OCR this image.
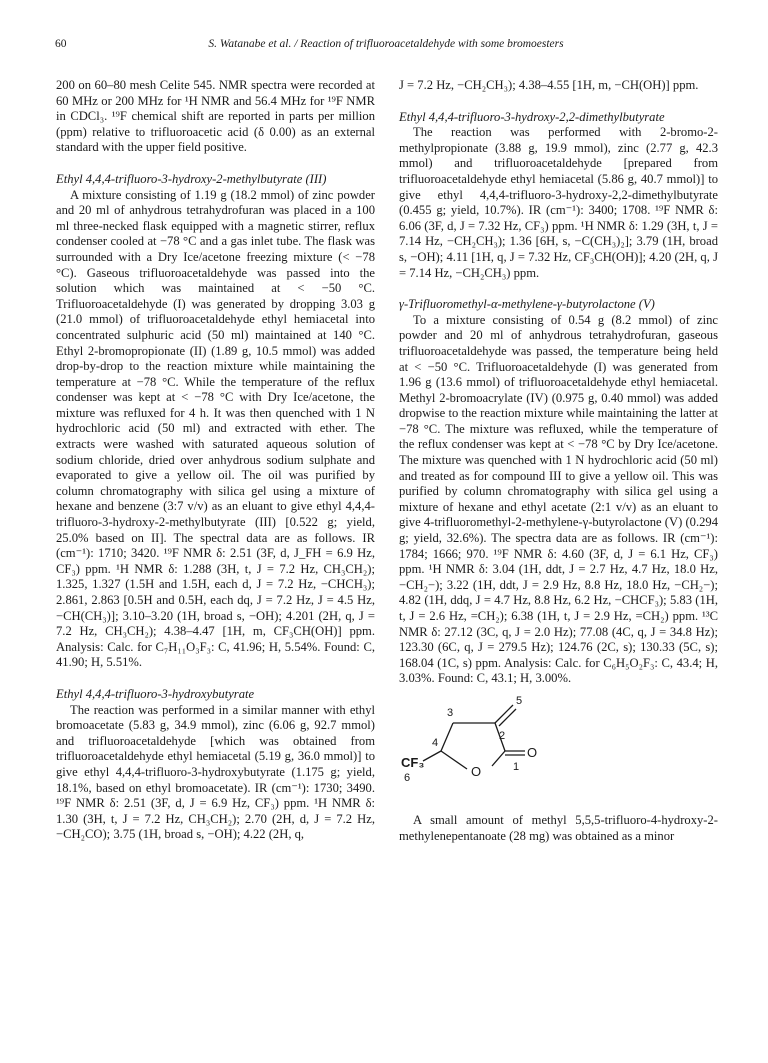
60	S. Watanabe et al. / Reaction of trifluoroacetaldehyde with some bromoesters

200 on 60–80 mesh Celite 545. NMR spectra were recorded at 60 MHz or 200 MHz for ¹H NMR and 56.4 MHz for ¹⁹F NMR in CDCl₃. ¹⁹F chemical shift are reported in parts per million (ppm) relative to trifluoroacetic acid (δ 0.00) as an external standard with the upper field positive.

Ethyl 4,4,4-trifluoro-3-hydroxy-2-methylbutyrate (III)

A mixture consisting of 1.19 g (18.2 mmol) of zinc powder and 20 ml of anhydrous tetrahydrofuran was placed in a 100 ml three-necked flask equipped with a magnetic stirrer, reflux condenser cooled at −78 °C and a gas inlet tube. The flask was surrounded with a Dry Ice/acetone freezing mixture (< −78 °C). Gaseous trifluoroacetaldehyde was passed into the solution which was maintained at < −50 °C. Trifluoroacetaldehyde (I) was generated by dropping 3.03 g (21.0 mmol) of trifluoroacetaldehyde ethyl hemiacetal into concentrated sulphuric acid (50 ml) maintained at 140 °C. Ethyl 2-bromopropionate (II) (1.89 g, 10.5 mmol) was added drop-by-drop to the reaction mixture while maintaining the temperature at −78 °C. While the temperature of the reflux condenser was kept at < −78 °C with Dry Ice/acetone, the mixture was refluxed for 4 h. It was then quenched with 1 N hydrochloric acid (50 ml) and extracted with ether. The extracts were washed with saturated aqueous solution of sodium chloride, dried over anhydrous sodium sulphate and evaporated to give a yellow oil. The oil was purified by column chromatography with silica gel using a mixture of hexane and benzene (3:7 v/v) as an eluant to give ethyl 4,4,4-trifluoro-3-hydroxy-2-methylbutyrate (III) [0.522 g; yield, 25.0% based on II]. The spectral data are as follows. IR (cm⁻¹): 1710; 3420. ¹⁹F NMR δ: 2.51 (3F, d, J_FH = 6.9 Hz, CF₃) ppm. ¹H NMR δ: 1.288 (3H, t, J = 7.2 Hz, CH₃CH₂); 1.325, 1.327 (1.5H and 1.5H, each d, J = 7.2 Hz, −CHCH₃); 2.861, 2.863 [0.5H and 0.5H, each dq, J = 7.2 Hz, J = 4.5 Hz, −CH(CH₃)]; 3.10–3.20 (1H, broad s, −OH); 4.201 (2H, q, J = 7.2 Hz, CH₃CH₂); 4.38–4.47 [1H, m, CF₃CH(OH)] ppm. Analysis: Calc. for C₇H₁₁O₃F₃: C, 41.96; H, 5.54%. Found: C, 41.90; H, 5.51%.

Ethyl 4,4,4-trifluoro-3-hydroxybutyrate

The reaction was performed in a similar manner with ethyl bromoacetate (5.83 g, 34.9 mmol), zinc (6.06 g, 92.7 mmol) and trifluoroacetaldehyde [which was obtained from trifluoroacetaldehyde ethyl hemiacetal (5.19 g, 36.0 mmol)] to give ethyl 4,4,4-trifluoro-3-hydroxybutyrate (1.175 g; yield, 18.1%, based on ethyl bromoacetate). IR (cm⁻¹): 1730; 3490. ¹⁹F NMR δ: 2.51 (3F, d, J = 6.9 Hz, CF₃) ppm. ¹H NMR δ: 1.30 (3H, t, J = 7.2 Hz, CH₃CH₂); 2.70 (2H, d, J = 7.2 Hz, −CH₂CO); 3.75 (1H, broad s, −OH); 4.22 (2H, q,

J = 7.2 Hz, −CH₂CH₃); 4.38–4.55 [1H, m, −CH(OH)] ppm.

Ethyl 4,4,4-trifluoro-3-hydroxy-2,2-dimethylbutyrate

The reaction was performed with 2-bromo-2-methylpropionate (3.88 g, 19.9 mmol), zinc (2.77 g, 42.3 mmol) and trifluoroacetaldehyde [prepared from trifluoroacetaldehyde ethyl hemiacetal (5.86 g, 40.7 mmol)] to give ethyl 4,4,4-trifluoro-3-hydroxy-2,2-dimethylbutyrate (0.455 g; yield, 10.7%). IR (cm⁻¹): 3400; 1708. ¹⁹F NMR δ: 6.06 (3F, d, J = 7.32 Hz, CF₃) ppm. ¹H NMR δ: 1.29 (3H, t, J = 7.14 Hz, −CH₂CH₃); 1.36 [6H, s, −C(CH₃)₂]; 3.79 (1H, broad s, −OH); 4.11 [1H, q, J = 7.32 Hz, CF₃CH(OH)]; 4.20 (2H, q, J = 7.14 Hz, −CH₂CH₃) ppm.

γ-Trifluoromethyl-α-methylene-γ-butyrolactone (V)

To a mixture consisting of 0.54 g (8.2 mmol) of zinc powder and 20 ml of anhydrous tetrahydrofuran, gaseous trifluoroacetaldehyde was passed, the temperature being held at < −50 °C. Trifluoroacetaldehyde (I) was generated from 1.96 g (13.6 mmol) of trifluoroacetaldehyde ethyl hemiacetal. Methyl 2-bromoacrylate (IV) (0.975 g, 0.40 mmol) was added dropwise to the reaction mixture while maintaining the latter at −78 °C. The mixture was refluxed, while the temperature of the reflux condenser was kept at < −78 °C by Dry Ice/acetone. The mixture was quenched with 1 N hydrochloric acid (50 ml) and treated as for compound III to give a yellow oil. This was purified by column chromatography with silica gel using a mixture of hexane and ethyl acetate (2:1 v/v) as an eluant to give 4-trifluoromethyl-2-methylene-γ-butyrolactone (V) (0.294 g; yield, 32.6%). The spectra data are as follows. IR (cm⁻¹): 1784; 1666; 970. ¹⁹F NMR δ: 4.60 (3F, d, J = 6.1 Hz, CF₃) ppm. ¹H NMR δ: 3.04 (1H, ddt, J = 2.7 Hz, 4.7 Hz, 18.0 Hz, −CH₂−); 3.22 (1H, ddt, J = 2.9 Hz, 8.8 Hz, 18.0 Hz, −CH₂−); 4.82 (1H, ddq, J = 4.7 Hz, 8.8 Hz, 6.2 Hz, −CHCF₃); 5.83 (1H, t, J = 2.6 Hz, =CH₂); 6.38 (1H, t, J = 2.9 Hz, =CH₂) ppm. ¹³C NMR δ: 27.12 (3C, q, J = 2.0 Hz); 77.08 (4C, q, J = 34.8 Hz); 123.30 (6C, q, J = 279.5 Hz); 124.76 (2C, s); 130.33 (5C, s); 168.04 (1C, s) ppm. Analysis: Calc. for C₆H₅O₂F₃: C, 43.4; H, 3.03%. Found: C, 43.1; H, 3.00%.

5
3
2
4
O
1
O
CF₃
6

A small amount of methyl 5,5,5-trifluoro-4-hydroxy-2-methylenepentanoate (28 mg) was obtained as a minor
